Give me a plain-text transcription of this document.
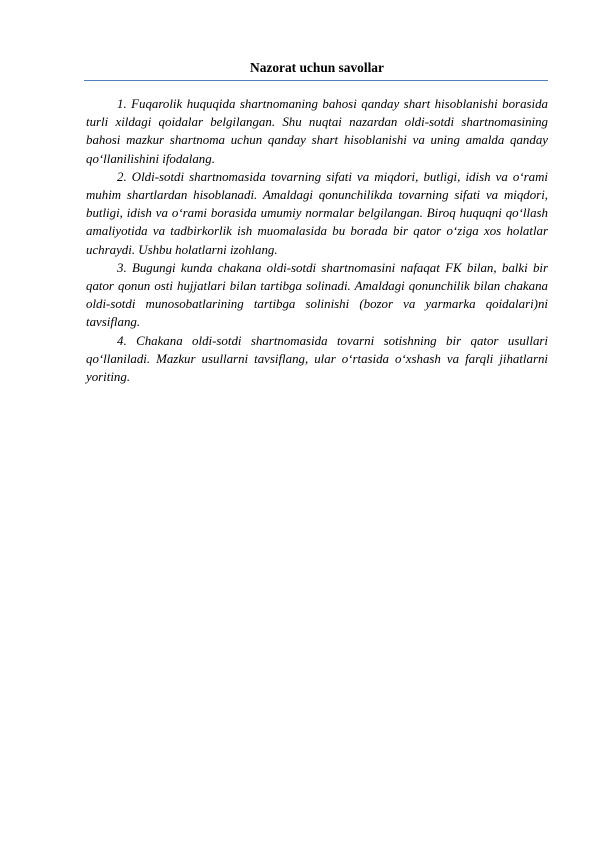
Nazorat uchun savollar

1. Fuqarolik huquqida shartnomaning bahosi qanday shart hisoblanishi borasida turli xildagi qoidalar belgilangan. Shu nuqtai nazardan oldi-sotdi shartnomasining bahosi mazkur shartnoma uchun qanday shart hisoblanishi va uning amalda qanday qo‘llanilishini ifodalang.

2. Oldi-sotdi shartnomasida tovarning sifati va miqdori, butligi, idish va o‘rami muhim shartlardan hisoblanadi. Amaldagi qonunchilikda tovarning sifati va miqdori, butligi, idish va o‘rami borasida umumiy normalar belgilangan. Biroq huquqni qo‘llash amaliyotida va tadbirkorlik ish muomalasida bu borada bir qator o‘ziga xos holatlar uchraydi. Ushbu holatlarni izohlang.

3. Bugungi kunda chakana oldi-sotdi shartnomasini nafaqat FK bilan, balki bir qator qonun osti hujjatlari bilan tartibga solinadi. Amaldagi qonunchilik bilan chakana oldi-sotdi munosobatlarining tartibga solinishi (bozor va yarmarka qoidalari)ni tavsiflang.

4. Chakana oldi-sotdi shartnomasida tovarni sotishning bir qator usullari qo‘llaniladi. Mazkur usullarni tavsiflang, ular o‘rtasida o‘xshash va farqli jihatlarni yoriting.
